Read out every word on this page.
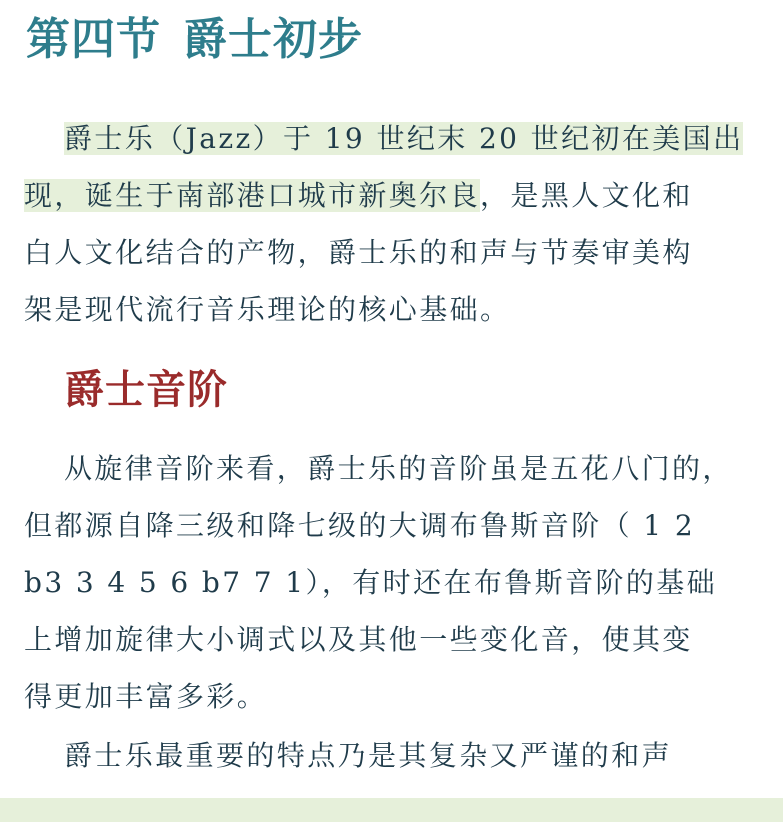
第四节 爵士初步

爵士乐（Jazz）于 19 世纪末 20 世纪初在美国出
现，诞生于南部港口城市新奥尔良，是黑人文化和
白人文化结合的产物，爵士乐的和声与节奏审美构
架是现代流行音乐理论的核心基础。

爵士音阶

从旋律音阶来看，爵士乐的音阶虽是五花八门的，
但都源自降三级和降七级的大调布鲁斯音阶（ 1 2
b3 3 4 5 6 b7 7 1），有时还在布鲁斯音阶的基础
上增加旋律大小调式以及其他一些变化音，使其变
得更加丰富多彩。

爵士乐最重要的特点乃是其复杂又严谨的和声
